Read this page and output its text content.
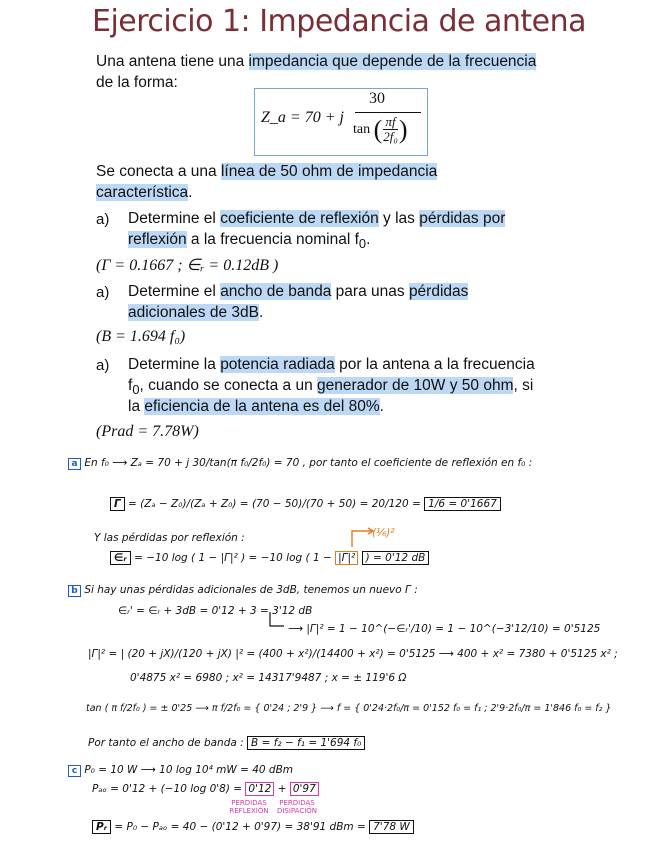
Ejercicio 1: Impedancia de antena
Una antena tiene una impedancia que depende de la frecuencia
de la forma:
Z_a = 70 + j
30
tan ( $\frac{\pi f}{\text{2f₀}}$ )
Se conecta a una línea de 50 ohm de impedancia
característica.
a) Determine el coeficiente de reflexión y las pérdidas por
reflexión a la frecuencia nominal $f_0$.
(Γ = 0.1667 ; ∈ᵣ = 0.12dB )
a) Determine el ancho de banda para unas pérdidas
adicionales de 3dB.
(B = 1.694 f₀)
a) Determine la potencia radiada por la antena a la frecuencia
$f_0$, cuando se conecta a un generador de 10W y 50 ohm, si
la eficiencia de la antena es del 80%.
(Prad = 7.78W)
a En f₀ ⟶ Zₐ = 70 + j 30/tan(π f₀/2f₀) = 70 , por tanto el coeficiente de reflexión en f₀ :
Γ = (Zₐ − Z₀)/(Zₐ + Z₀) = (70 − 50)/(70 + 50) = 20/120 = 1/6 = 0'1667
(⅙)²
Y las pérdidas por reflexión :
∈ᵣ = −10 log ( 1 − |Γ|² ) = −10 log ( 1 − |Γ|² ) = 0'12 dB
b Si hay unas pérdidas adicionales de 3dB, tenemos un nuevo Γ :
∈ᵣ' = ∈ᵣ + 3dB = 0'12 + 3 = 3'12 dB
⟶ |Γ|² = 1 − 10^(−∈ᵣ'/10) = 1 − 10^(−3'12/10) = 0'5125
|Γ|² = | (20 + jX)/(120 + jX) |² = (400 + x²)/(14400 + x²) = 0'5125 ⟶ 400 + x² = 7380 + 0'5125 x² ;
0'4875 x² = 6980 ; x² = 14317'9487 ; x = ± 119'6 Ω
tan ( π f/2f₀ ) = ± 0'25 ⟶ π f/2f₀ = { 0'24 ; 2'9 } ⟶ f = { 0'24·2f₀/π = 0'152 f₀ = f₁ ; 2'9·2f₀/π = 1'846 f₀ = f₂ }
Por tanto el ancho de banda : B = f₂ − f₁ = 1'694 f₀
c P₀ = 10 W ⟶ 10 log 10⁴ mW = 40 dBm
Pₐₒ = 0'12 + (−10 log 0'8) = 0'12 + 0'97
PERDIDAS REFLEXIÓN
PERDIDAS DISIPACIÓN
Pᵣ = P₀ − Pₐₒ = 40 − (0'12 + 0'97) = 38'91 dBm = 7'78 W
